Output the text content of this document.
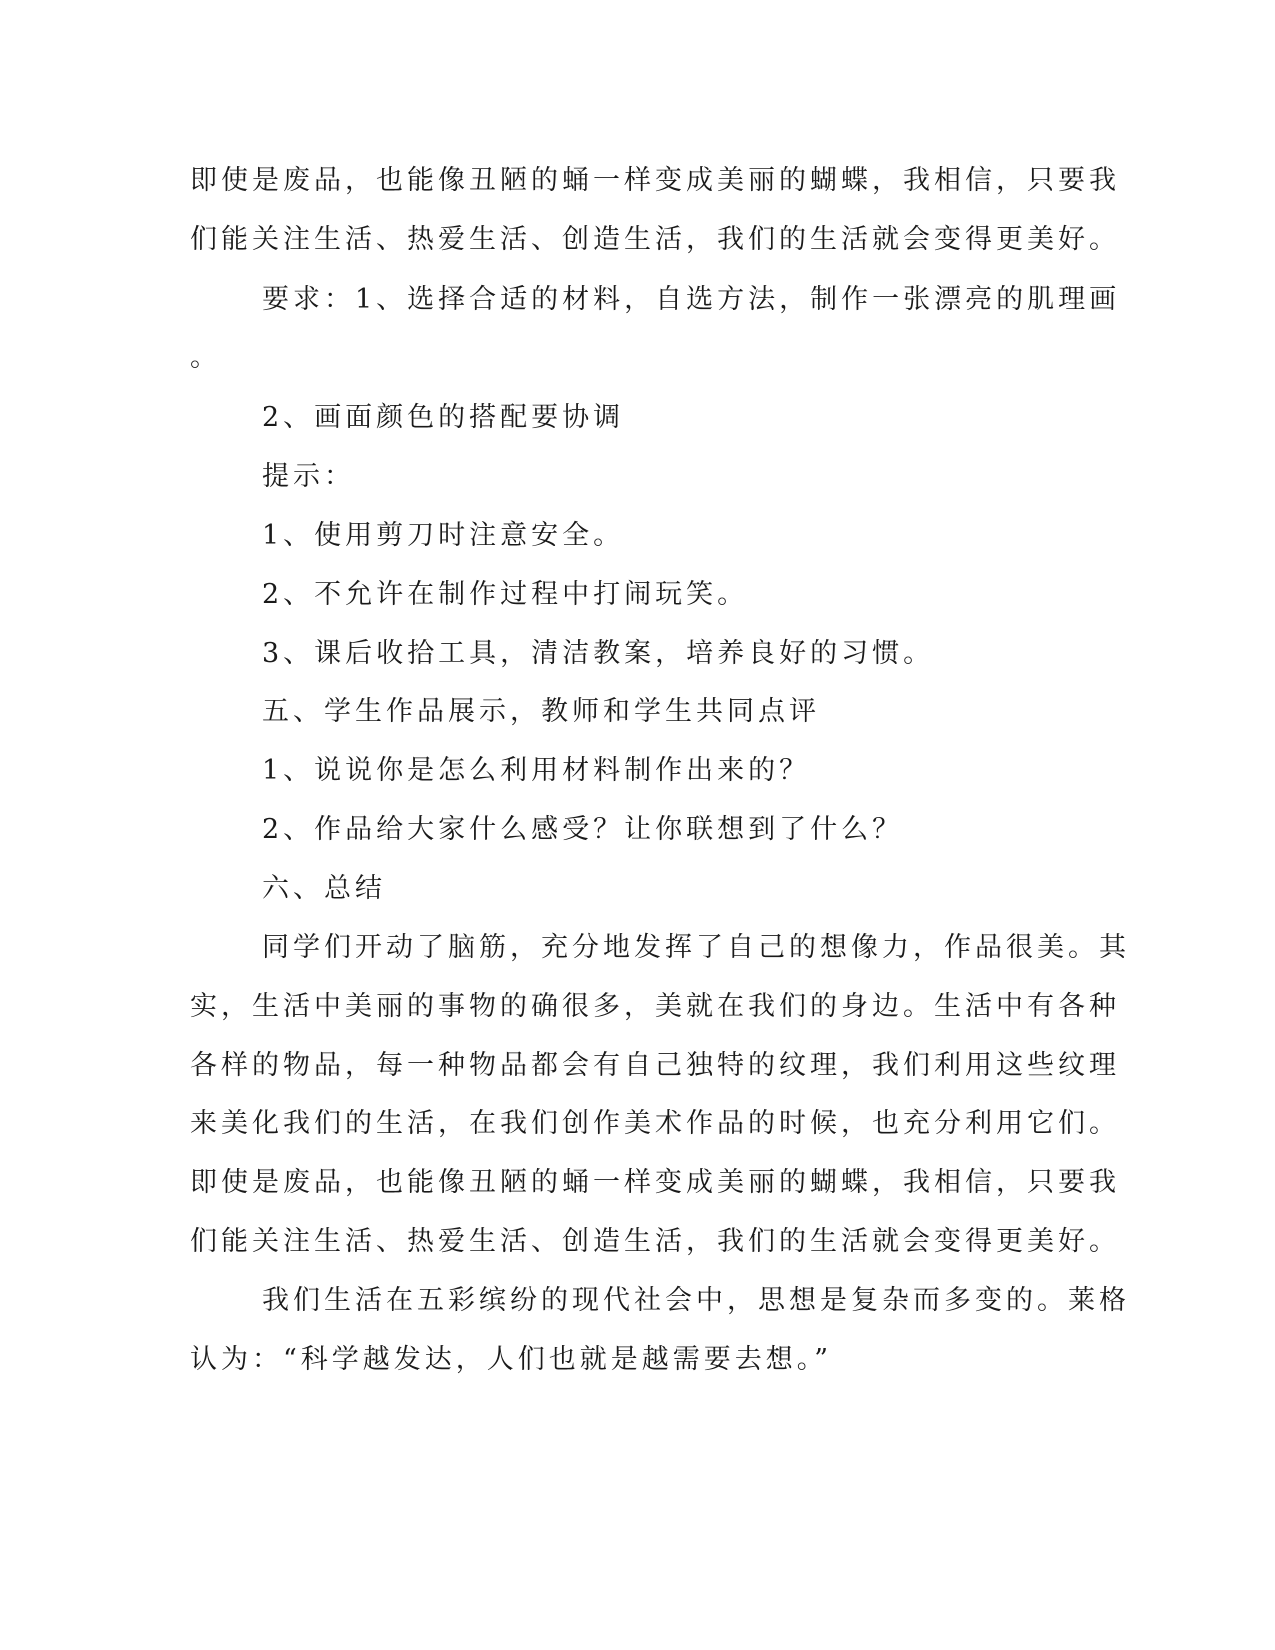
即使是废品，也能像丑陋的蛹一样变成美丽的蝴蝶，我相信，只要我
们能关注生活、热爱生活、创造生活，我们的生活就会变得更美好。
要求：1、选择合适的材料，自选方法，制作一张漂亮的肌理画
。
2、画面颜色的搭配要协调
提示：
1、使用剪刀时注意安全。
2、不允许在制作过程中打闹玩笑。
3、课后收拾工具，清洁教案，培养良好的习惯。
五、学生作品展示，教师和学生共同点评
1、说说你是怎么利用材料制作出来的？
2、作品给大家什么感受？让你联想到了什么？
六、总结
同学们开动了脑筋，充分地发挥了自己的想像力，作品很美。其
实，生活中美丽的事物的确很多，美就在我们的身边。生活中有各种
各样的物品，每一种物品都会有自己独特的纹理，我们利用这些纹理
来美化我们的生活，在我们创作美术作品的时候，也充分利用它们。
即使是废品，也能像丑陋的蛹一样变成美丽的蝴蝶，我相信，只要我
们能关注生活、热爱生活、创造生活，我们的生活就会变得更美好。
我们生活在五彩缤纷的现代社会中，思想是复杂而多变的。莱格
认为：“科学越发达，人们也就是越需要去想。”
